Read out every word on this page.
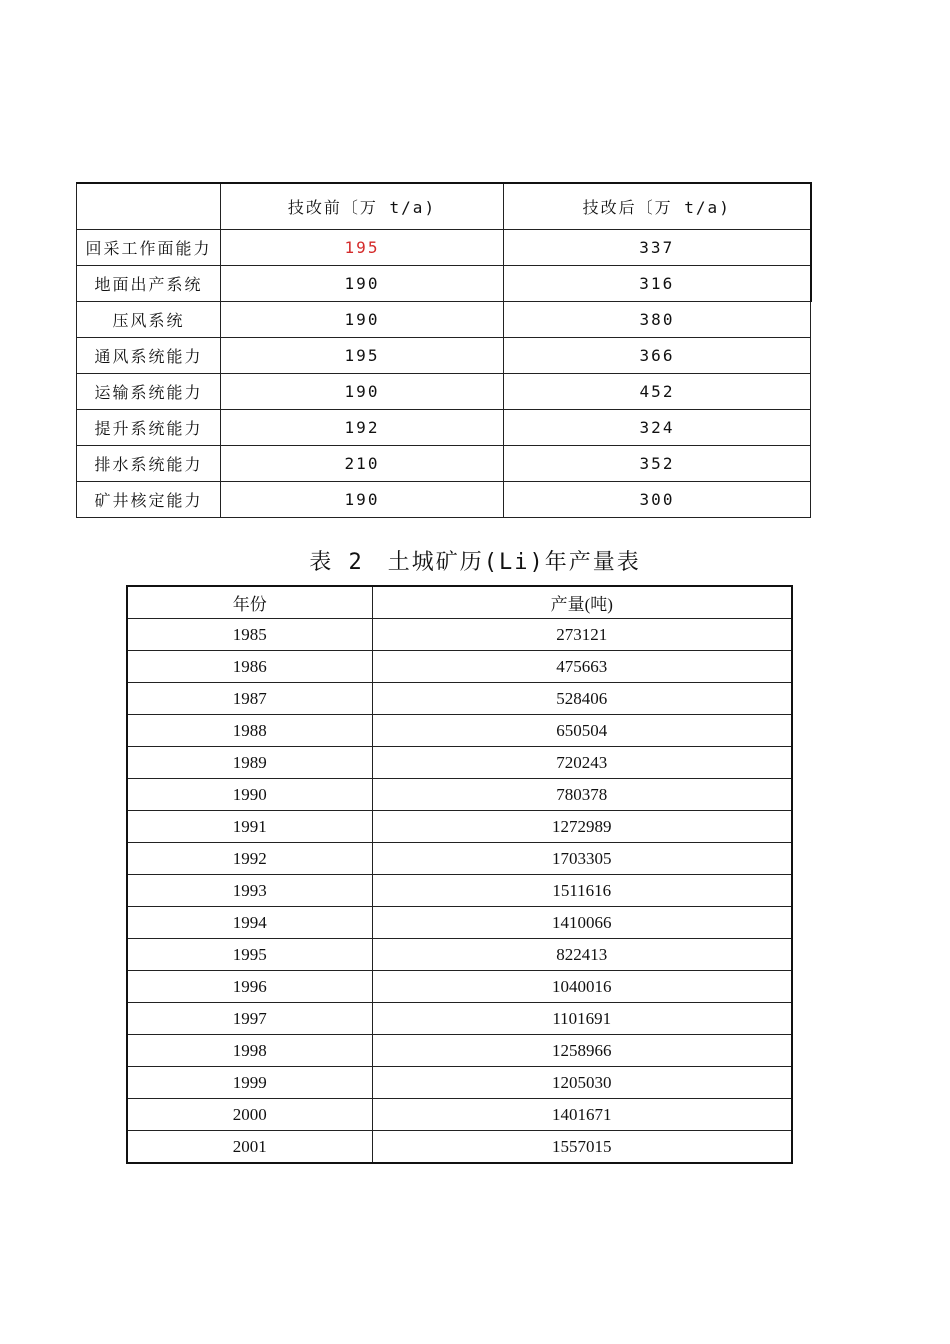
	技改前〔万 t/a)	技改后〔万 t/a)
回采工作面能力	195	337
地面出产系统	190	316
压风系统	190	380
通风系统能力	195	366
运输系统能力	190	452
提升系统能力	192	324
排水系统能力	210	352
矿井核定能力	190	300
表 2　土城矿历(Li)年产量表
年份	产量(吨)
1985	273121
1986	475663
1987	528406
1988	650504
1989	720243
1990	780378
1991	1272989
1992	1703305
1993	1511616
1994	1410066
1995	822413
1996	1040016
1997	1101691
1998	1258966
1999	1205030
2000	1401671
2001	1557015
